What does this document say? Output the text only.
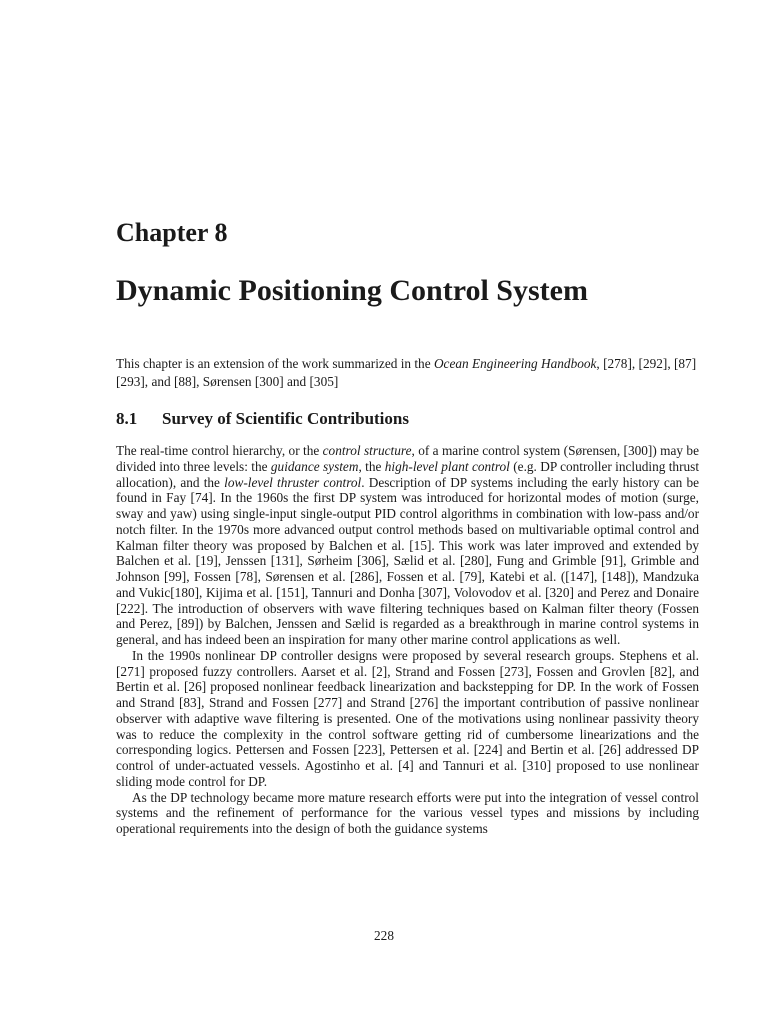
Chapter 8
Dynamic Positioning Control System

This chapter is an extension of the work summarized in the Ocean Engineering Handbook, [278], [292], [87] [293], and [88], Sørensen [300] and [305]

8.1 Survey of Scientific Contributions

The real-time control hierarchy, or the control structure, of a marine control system (Sørensen, [300]) may be divided into three levels: the guidance system, the high-level plant control (e.g. DP controller including thrust allocation), and the low-level thruster control. Description of DP systems including the early history can be found in Fay [74]. In the 1960s the first DP system was introduced for horizontal modes of motion (surge, sway and yaw) using single-input single-output PID control algorithms in combination with low-pass and/or notch filter. In the 1970s more advanced output control methods based on multivariable optimal control and Kalman filter theory was proposed by Balchen et al. [15]. This work was later improved and extended by Balchen et al. [19], Jenssen [131], Sørheim [306], Sælid et al. [280], Fung and Grimble [91], Grimble and Johnson [99], Fossen [78], Sørensen et al. [286], Fossen et al. [79], Katebi et al. ([147], [148]), Mandzuka and Vukic[180], Kijima et al. [151], Tannuri and Donha [307], Volovodov et al. [320] and Perez and Donaire [222]. The introduction of observers with wave filtering techniques based on Kalman filter theory (Fossen and Perez, [89]) by Balchen, Jenssen and Sælid is regarded as a breakthrough in marine control systems in general, and has indeed been an inspiration for many other marine control applications as well.

In the 1990s nonlinear DP controller designs were proposed by several research groups. Stephens et al. [271] proposed fuzzy controllers. Aarset et al. [2], Strand and Fossen [273], Fossen and Grovlen [82], and Bertin et al. [26] proposed nonlinear feedback linearization and backstepping for DP. In the work of Fossen and Strand [83], Strand and Fossen [277] and Strand [276] the important contribution of passive nonlinear observer with adaptive wave filtering is presented. One of the motivations using nonlinear passivity theory was to reduce the complexity in the control software getting rid of cumbersome linearizations and the corresponding logics. Pettersen and Fossen [223], Pettersen et al. [224] and Bertin et al. [26] addressed DP control of under-actuated vessels. Agostinho et al. [4] and Tannuri et al. [310] proposed to use nonlinear sliding mode control for DP.

As the DP technology became more mature research efforts were put into the integration of vessel control systems and the refinement of performance for the various vessel types and missions by including operational requirements into the design of both the guidance systems

228
